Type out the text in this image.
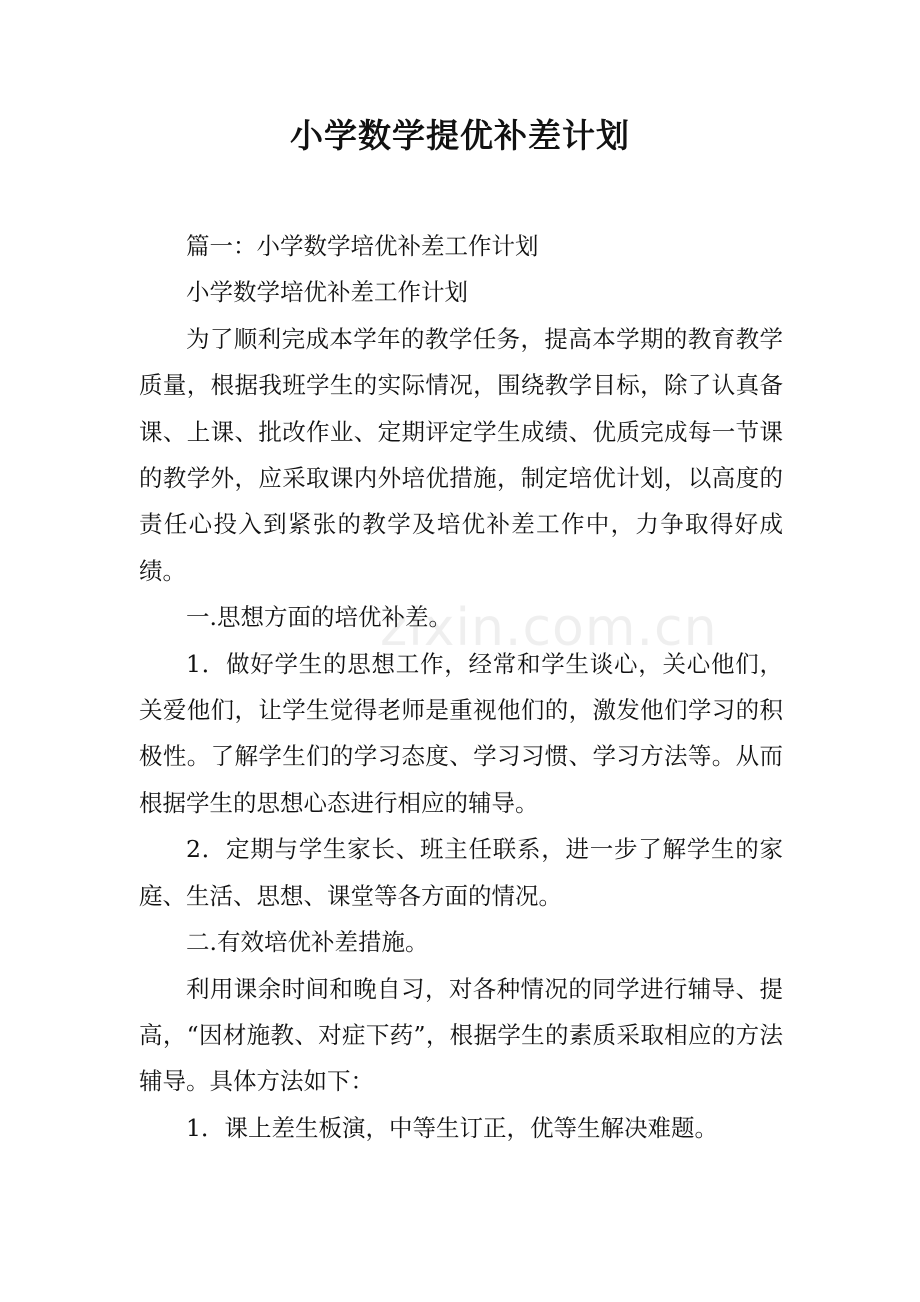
小学数学提优补差计划

篇一：小学数学培优补差工作计划

小学数学培优补差工作计划

为了顺利完成本学年的教学任务，提高本学期的教育教学质量，根据我班学生的实际情况，围绕教学目标，除了认真备课、上课、批改作业、定期评定学生成绩、优质完成每一节课的教学外，应采取课内外培优措施，制定培优计划，以高度的责任心投入到紧张的教学及培优补差工作中，力争取得好成绩。

一.思想方面的培优补差。

1．做好学生的思想工作，经常和学生谈心，关心他们，关爱他们，让学生觉得老师是重视他们的，激发他们学习的积极性。了解学生们的学习态度、学习习惯、学习方法等。从而根据学生的思想心态进行相应的辅导。

2．定期与学生家长、班主任联系，进一步了解学生的家庭、生活、思想、课堂等各方面的情况。

二.有效培优补差措施。

利用课余时间和晚自习，对各种情况的同学进行辅导、提高，“因材施教、对症下药”，根据学生的素质采取相应的方法辅导。具体方法如下：

1．课上差生板演，中等生订正，优等生解决难题。

zixin.com.cn
